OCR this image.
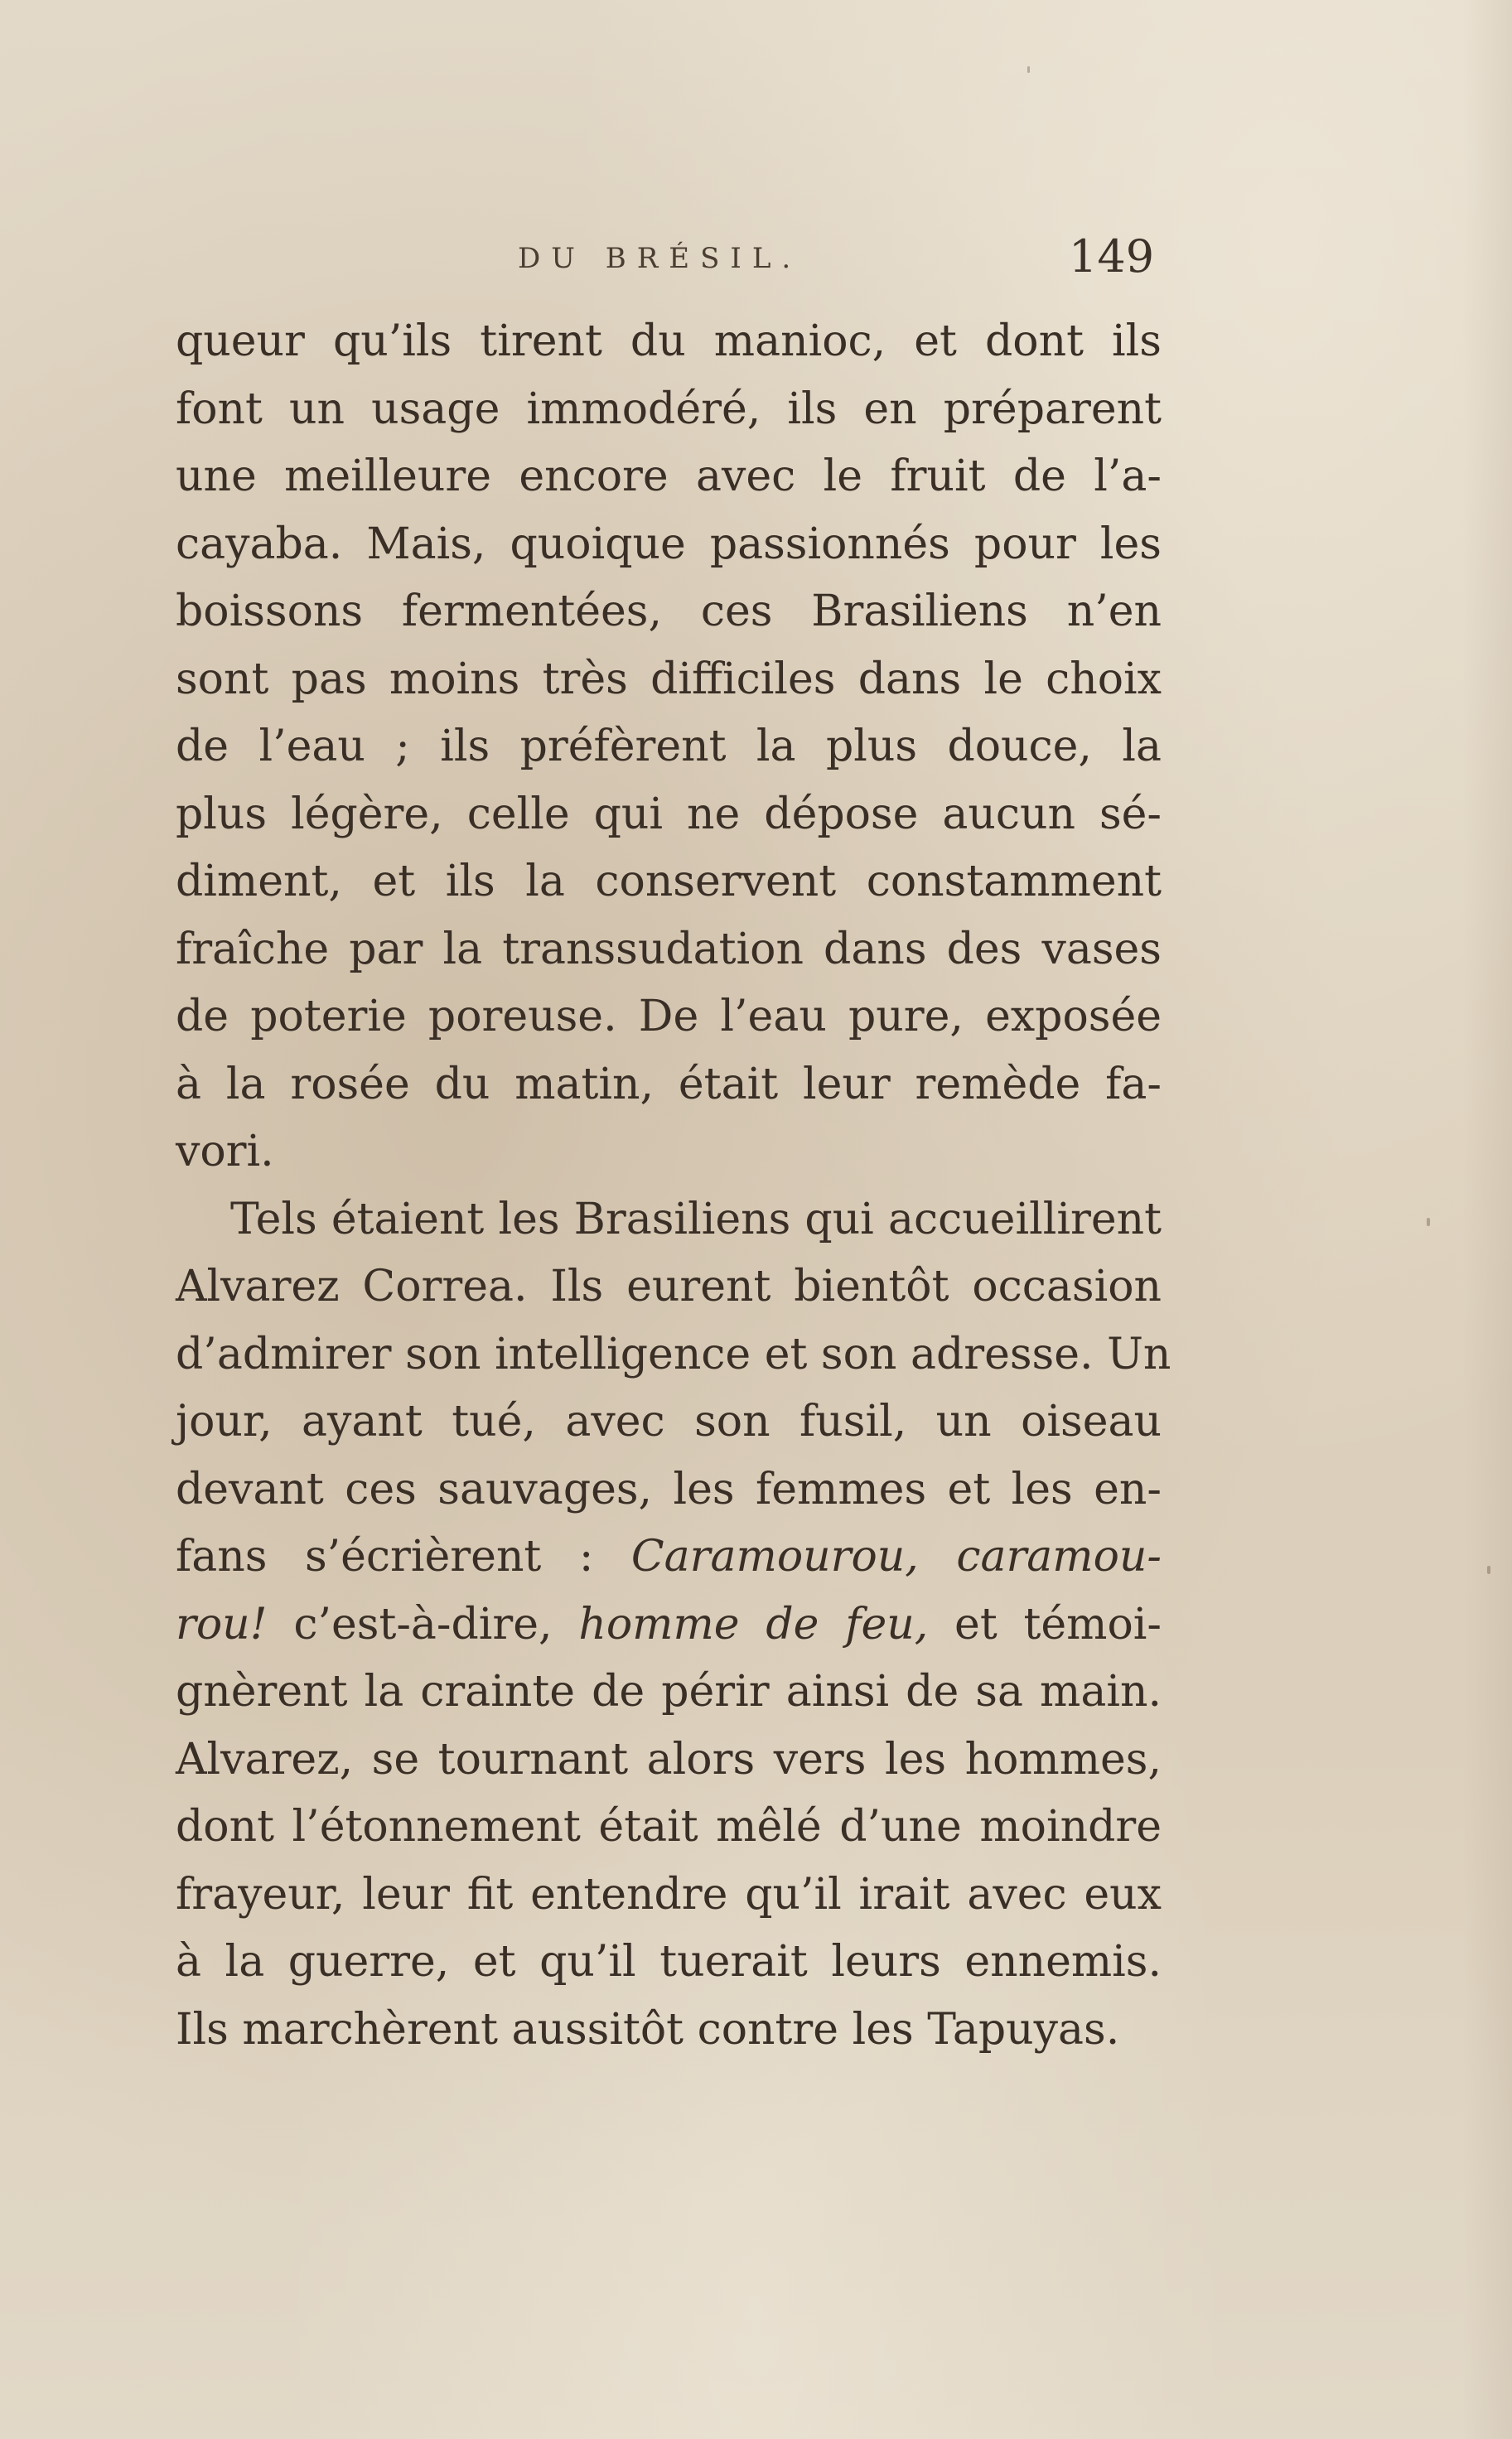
DU BRÉSIL.	149
queur qu’ils tirent du manioc, et dont ils
font un usage immodéré, ils en préparent
une meilleure encore avec le fruit de l’a-
cayaba. Mais, quoique passionnés pour les
boissons fermentées, ces Brasiliens n’en
sont pas moins très difficiles dans le choix
de l’eau ; ils préfèrent la plus douce, la
plus légère, celle qui ne dépose aucun sé-
diment, et ils la conservent constamment
fraîche par la transsudation dans des vases
de poterie poreuse. De l’eau pure, exposée
à la rosée du matin, était leur remède fa-
vori.
Tels étaient les Brasiliens qui accueillirent
Alvarez Correa. Ils eurent bientôt occasion
d’admirer son intelligence et son adresse. Un
jour, ayant tué, avec son fusil, un oiseau
devant ces sauvages, les femmes et les en-
fans s’écrièrent : Caramourou, caramou-
rou! c’est-à-dire, homme de feu, et témoi-
gnèrent la crainte de périr ainsi de sa main.
Alvarez, se tournant alors vers les hommes,
dont l’étonnement était mêlé d’une moindre
frayeur, leur fit entendre qu’il irait avec eux
à la guerre, et qu’il tuerait leurs ennemis.
Ils marchèrent aussitôt contre les Tapuyas.
